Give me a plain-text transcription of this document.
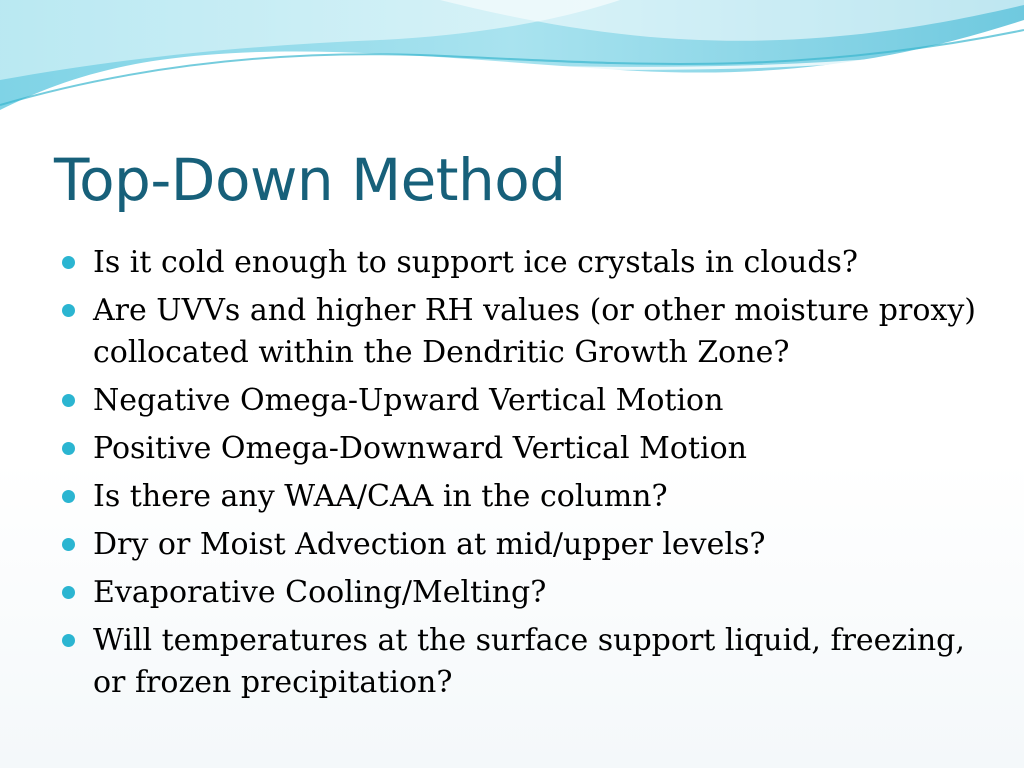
Top-Down Method
Is it cold enough to support ice crystals in clouds?
Are UVVs and higher RH values (or other moisture proxy) collocated within the Dendritic Growth Zone?
Negative Omega-Upward Vertical Motion
Positive Omega-Downward Vertical Motion
Is there any WAA/CAA in the column?
Dry or Moist Advection at mid/upper levels?
Evaporative Cooling/Melting?
Will temperatures at the surface support liquid, freezing, or frozen precipitation?
